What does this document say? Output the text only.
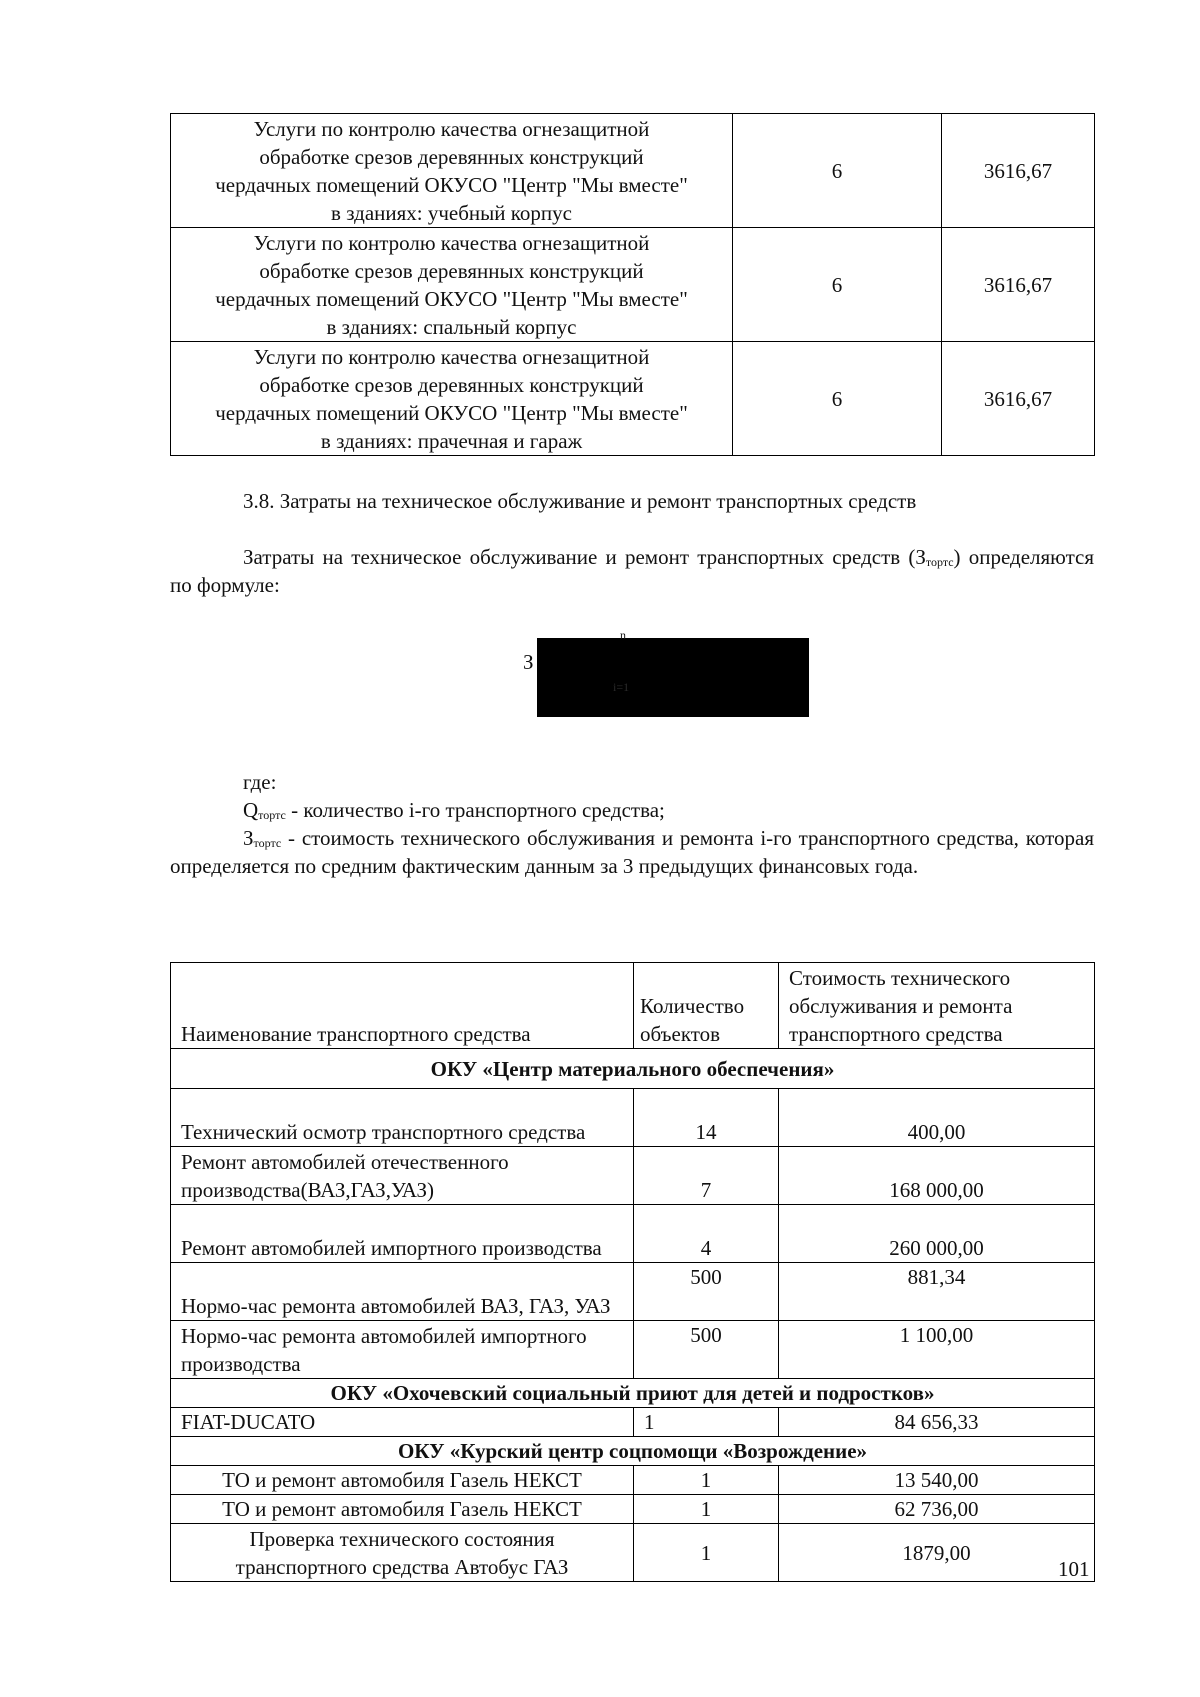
Услуги по контролю качества огнезащитной обработке срезов деревянных конструкций чердачных помещений ОКУСО "Центр "Мы вместе" в зданиях: учебный корпус	6	3616,67
Услуги по контролю качества огнезащитной обработке срезов деревянных конструкций чердачных помещений ОКУСО "Центр "Мы вместе" в зданиях: спальный корпус	6	3616,67
Услуги по контролю качества огнезащитной обработке срезов деревянных конструкций чердачных помещений ОКУСО "Центр "Мы вместе" в зданиях: прачечная и гараж	6	3616,67

3.8. Затраты на техническое обслуживание и ремонт транспортных средств

Затраты на техническое обслуживание и ремонт транспортных средств $(З_{тортс})$ определяются по формуле:

З
n
i=1

где:

$Q_{тортс}$ - количество i-го транспортного средства;

$З_{тортс}$ - стоимость технического обслуживания и ремонта i-го транспортного средства, которая определяется по средним фактическим данным за 3 предыдущих финансовых года.

Наименование транспортного средства	Количество объектов	Стоимость технического обслуживания и ремонта транспортного средства
ОКУ «Центр материального обеспечения»		
Технический осмотр транспортного средства	14	400,00
Ремонт автомобилей отечественного производства(ВАЗ,ГАЗ,УАЗ)	7	168 000,00
Ремонт автомобилей импортного производства	4	260 000,00
Нормо-час ремонта автомобилей ВАЗ, ГАЗ, УАЗ	500	881,34
Нормо-час ремонта автомобилей импортного производства	500	1 100,00
ОКУ «Охочевский социальный приют для детей и подростков»		
FIAT-DUCATO	1	84 656,33
ОКУ «Курский центр соцпомощи «Возрождение»		
ТО и ремонт автомобиля Газель НЕКСТ	1	13 540,00
ТО и ремонт автомобиля Газель НЕКСТ	1	62 736,00
Проверка технического состояния транспортного средства Автобус ГАЗ	1	1879,00
101
